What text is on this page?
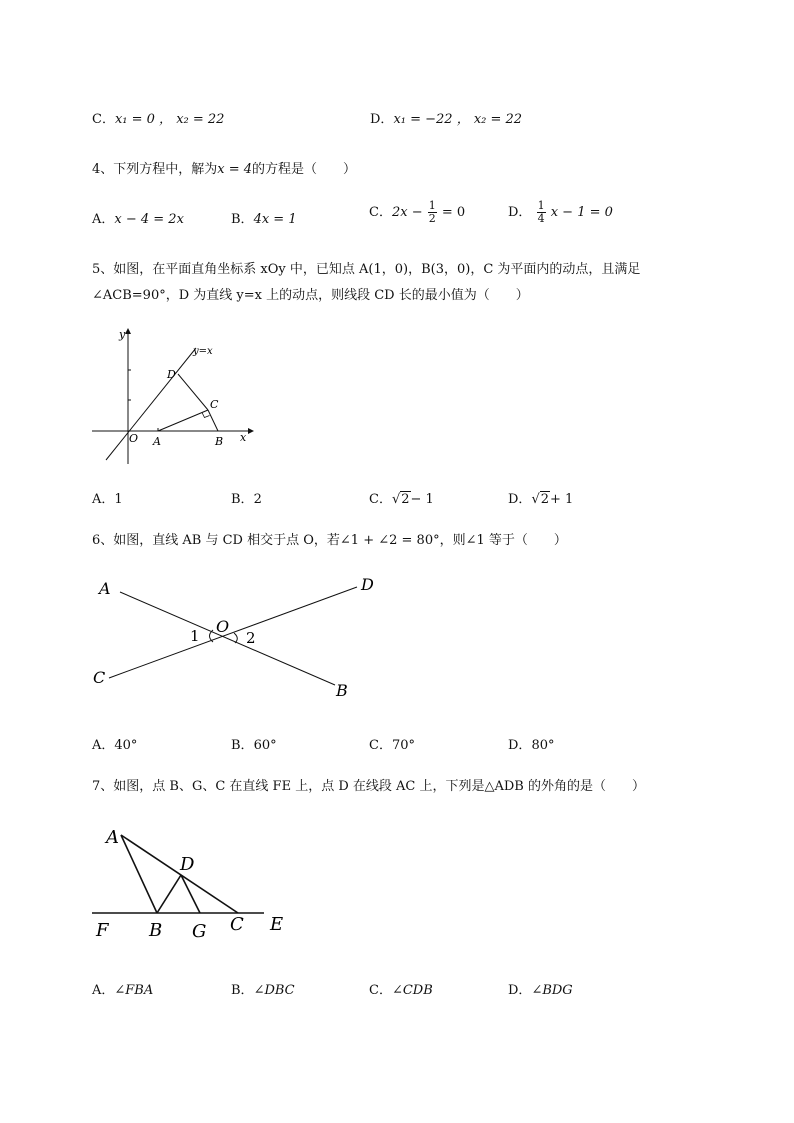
C．x₁ = 0 ， x₂ = 22	D．x₁ = −22 ， x₂ = 22
4、下列方程中，解为x = 4的方程是（　　）
A．x − 4 = 2x	B．4x = 1	C．$2x - \frac{1}{2} = 0$	D． $\frac{1}{4}$ x − 1 = 0
5、如图，在平面直角坐标系 xOy 中，已知点 A(1，0)，B(3，0)，C 为平面内的动点，且满足
∠ACB=90°，D 为直线 y=x 上的动点，则线段 CD 长的最小值为（　　）
y
x
y=x
D
C
O A	B
A．1	B．2	C．√2− 1	D．√2+ 1
6、如图，直线 AB 与 CD 相交于点 O，若∠1 + ∠2 = 80°，则∠1 等于（　　）
A	D
O
1	2
C
B
A．40°	B．60°	C．70°	D．80°
7、如图，点 B、G、C 在直线 FE 上，点 D 在线段 AC 上，下列是△ADB 的外角的是（　　）
A
D
F B G C E
A．∠FBA	B．∠DBC	C．∠CDB	D．∠BDG
